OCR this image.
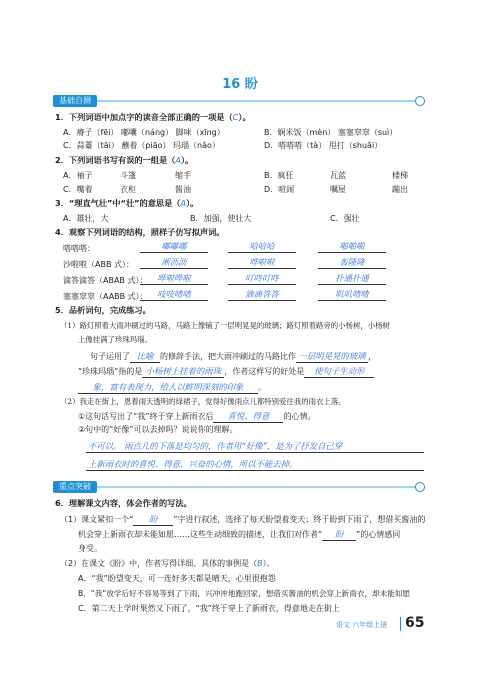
16 盼
基础自测
1．下列词语中加点字的读音全部正确的一项是（C）。
A．瘠子（fēi） 嘟囔（náng） 脚味（xīng）	B．娴米饭（mèn） 塞塞窣窣（suì）
C．蒜薹（tāi） 蘸着（piāo） 玛瑙（nǎo）	D．嗒嗒嗒（tà） 甩打（shuǎi）
2．下列词语书写有误的一组是（A）。
A．袖子	斗篷	缩手	B．疯狂	瓦蓝	楼梯
C．嘴着	衣柜	酱油	D．喧闹	嘱屋	蹦出
3．“理直气壮”中“壮”的意思是（A）。
A．雄壮，大	B．加强，使壮大	C．强壮
4．观察下列词语的结构，照样子仿写拟声词。
嗒嗒嗒：	嘟嘟嘟	哈哈哈	啪啪啪
沙啦啦（ABB 式）：	淅沥沥	哗啦啦	轰隆隆
滴答滴答（ABAB 式）：	哗啦哗啦	叮咚叮咚	扑通扑通
塞塞窣窣（AABB 式）：	吱吱喳喳	滴滴答答	叽叽喳喳
5．品析词句，完成练习。
（1）路灯照着大雨冲刷过的马路，马路上像铺了一层明晃晃的玻璃；路灯照着路旁的小杨树，小杨树
上像挂满了珍珠玛瑙。
句子运用了 比喻 的修辞手法，把大雨冲刷过的马路比作 一层明晃晃的玻璃 ，
“珍珠玛瑙”指的是 小杨树上挂着的雨珠 ，作者这样写的好处是 使句子生动形
象，富有表现力，给人以鲜明深刻的印象 。
（2）我走在街上，恩着雨天透明的绿裙子，觉得好像雨点儿都特别爱往我的雨衣上落。
①这句话写出了“我”终于穿上新雨衣后 喜悦、得意 的心情。
②句中的“好像”可以去掉吗？说说你的理解。
不可以。 雨点儿的下落是均匀的，作者用“好像”，是为了抒发自己穿
上新雨衣时的喜悦、得意、兴奋的心情，所以不能去掉。
重点突破
6．理解课文内容，体会作者的写法。
（1）课文紧扣一个“ 盼 ”字进行叙述，选择了每天盼望着变天；终于盼到下雨了，想借买酱油的
机会穿上新雨衣却未能如愿……这些生动细致的描述，让我们对作者“ 盼 ”的心情感同
身受。
（2）在课文《盼》中，作者写得详细、具体的事例是（B）。
A．“我”盼望变天，可一连好多天都是晴天，心里很抱怨
B．“我”放学后好不容易等到了下雨，兴冲冲地跑回家，想借买酱油的机会穿上新雨衣，却未能如愿
C．第二天上学时果然又下雨了，“我”终于穿上了新雨衣，得意地走在街上
语文 六年级上册 65
